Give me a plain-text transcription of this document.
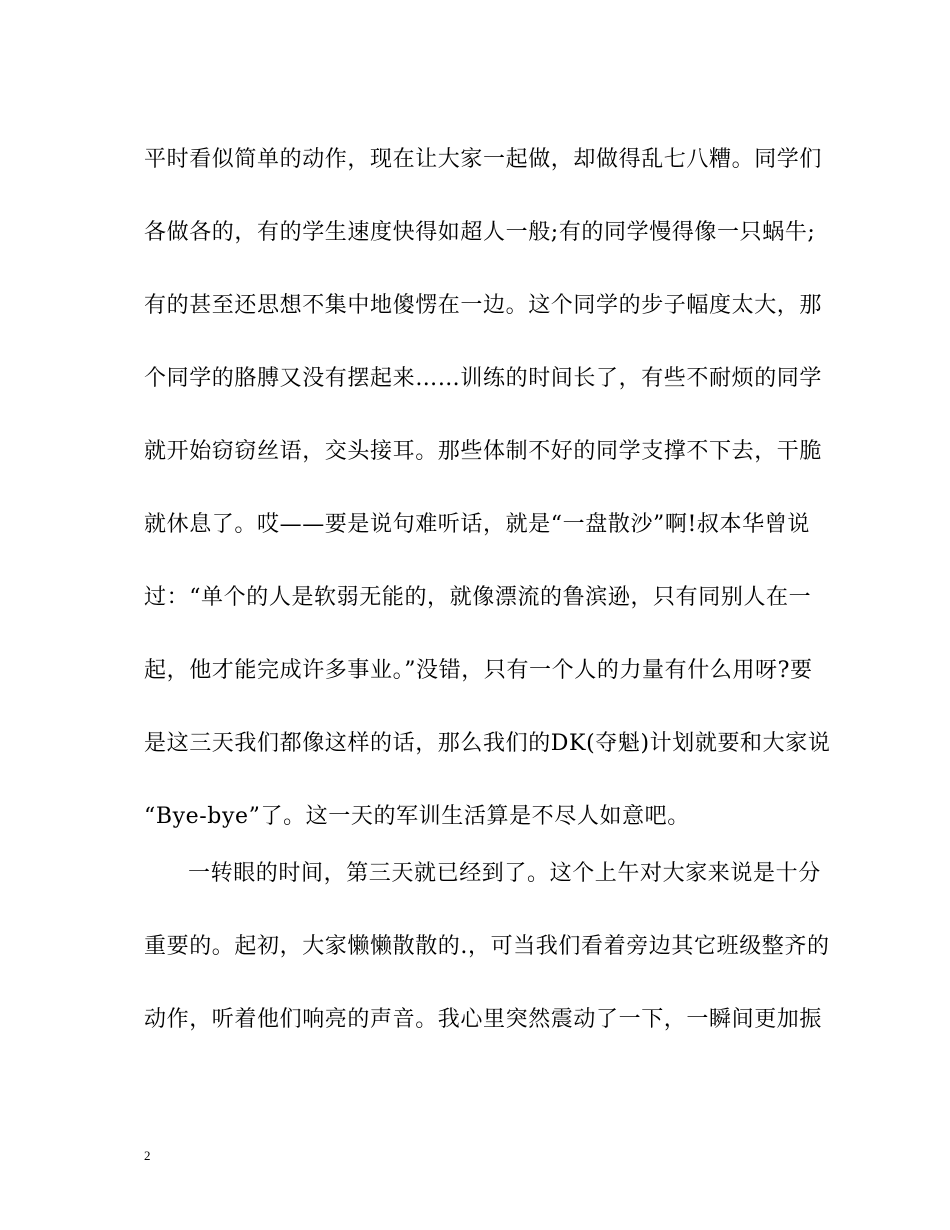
平时看似简单的动作，现在让大家一起做，却做得乱七八糟。同学们
各做各的，有的学生速度快得如超人一般;有的同学慢得像一只蜗牛;
有的甚至还思想不集中地傻愣在一边。这个同学的步子幅度太大，那
个同学的胳膊又没有摆起来……训练的时间长了，有些不耐烦的同学
就开始窃窃丝语，交头接耳。那些体制不好的同学支撑不下去，干脆
就休息了。哎——要是说句难听话，就是“一盘散沙”啊!叔本华曾说
过：“单个的人是软弱无能的，就像漂流的鲁滨逊，只有同别人在一
起，他才能完成许多事业。”没错，只有一个人的力量有什么用呀?要
是这三天我们都像这样的话，那么我们的DK(夺魁)计划就要和大家说
“Bye-bye”了。这一天的军训生活算是不尽人如意吧。
一转眼的时间，第三天就已经到了。这个上午对大家来说是十分
重要的。起初，大家懒懒散散的.，可当我们看着旁边其它班级整齐的
动作，听着他们响亮的声音。我心里突然震动了一下，一瞬间更加振
2
